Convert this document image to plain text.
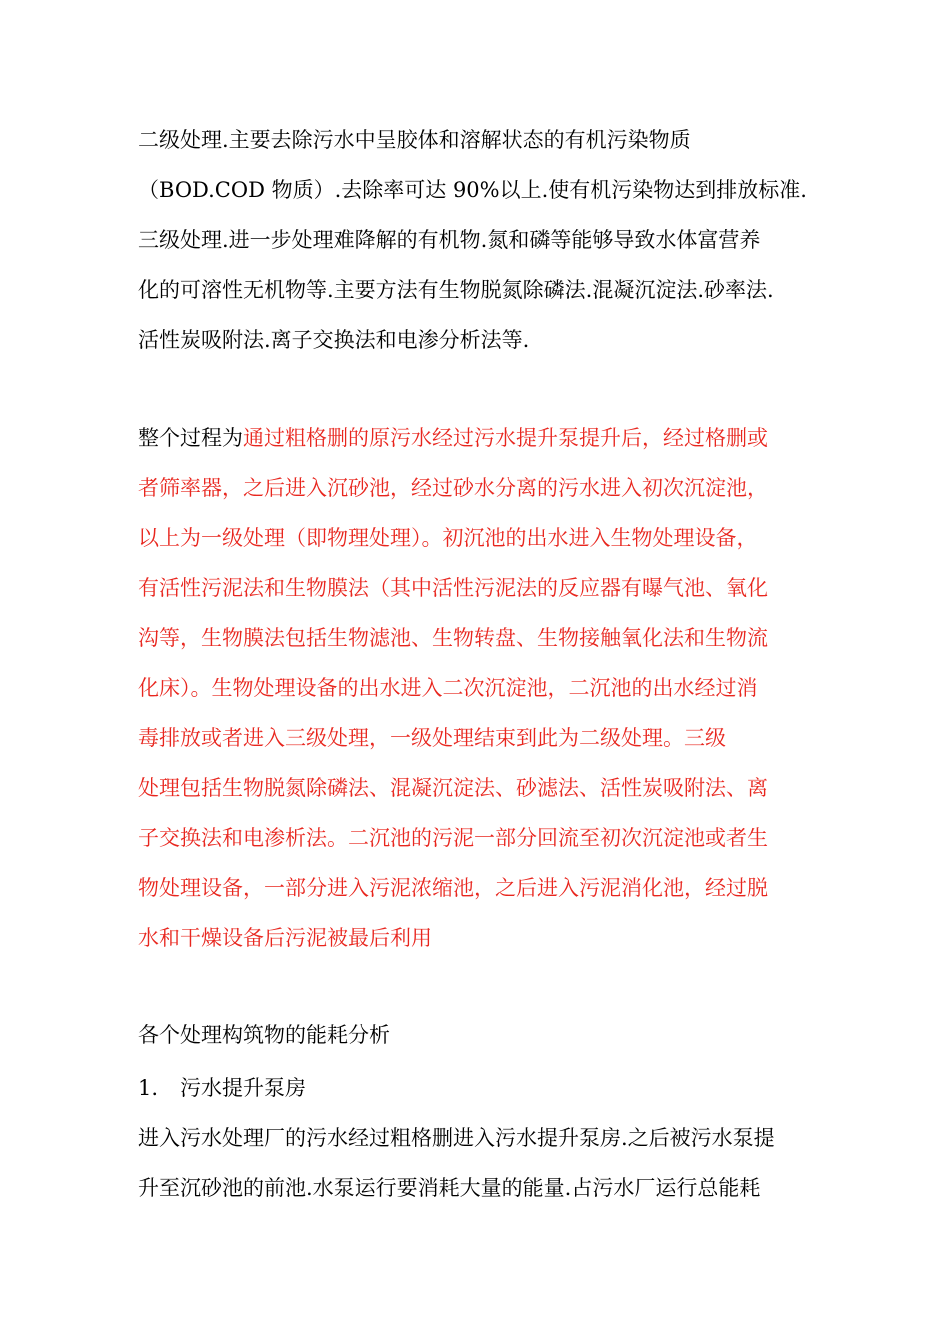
二级处理.主要去除污水中呈胶体和溶解状态的有机污染物质
（BOD.COD 物质）.去除率可达 90%以上.使有机污染物达到排放标准.
三级处理.进一步处理难降解的有机物.氮和磷等能够导致水体富营养
化的可溶性无机物等.主要方法有生物脱氮除磷法.混凝沉淀法.砂率法.
活性炭吸附法.离子交换法和电渗分析法等.
整个过程为通过粗格删的原污水经过污水提升泵提升后，经过格删或
者筛率器，之后进入沉砂池，经过砂水分离的污水进入初次沉淀池，
以上为一级处理（即物理处理）。初沉池的出水进入生物处理设备，
有活性污泥法和生物膜法（其中活性污泥法的反应器有曝气池、氧化
沟等，生物膜法包括生物滤池、生物转盘、生物接触氧化法和生物流
化床）。生物处理设备的出水进入二次沉淀池，二沉池的出水经过消
毒排放或者进入三级处理，一级处理结束到此为二级处理。三级
处理包括生物脱氮除磷法、混凝沉淀法、砂滤法、活性炭吸附法、离
子交换法和电渗析法。二沉池的污泥一部分回流至初次沉淀池或者生
物处理设备，一部分进入污泥浓缩池，之后进入污泥消化池，经过脱
水和干燥设备后污泥被最后利用
各个处理构筑物的能耗分析
1. 污水提升泵房
进入污水处理厂的污水经过粗格删进入污水提升泵房.之后被污水泵提
升至沉砂池的前池.水泵运行要消耗大量的能量.占污水厂运行总能耗
